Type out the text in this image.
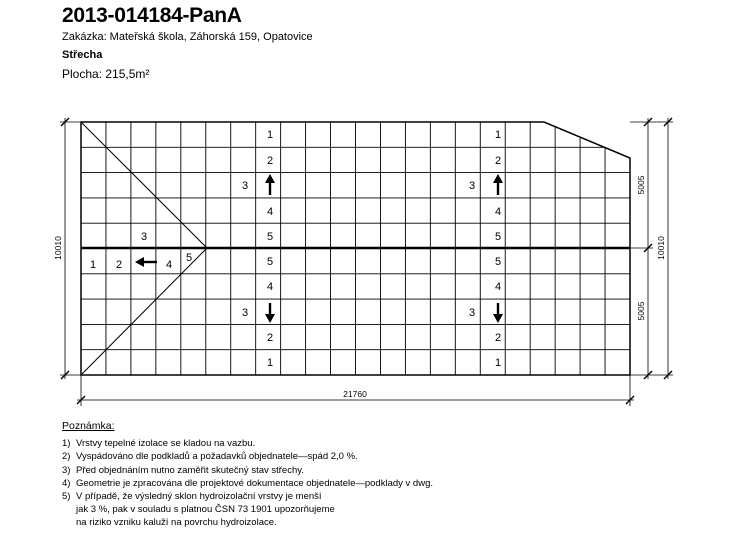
2013-014184-PanA
Zakázka: Mateřská škola, Záhorská 159, Opatovice
Střecha
Plocha: 215,5m²
10010
21760
5005
5005
10010
1
2
3
4
5
5
4
3
2
1
1
2
3
4
5
5
4
3
2
1
3
1 2	4
5
Poznámka:
1) Vrstvy tepelné izolace se kladou na vazbu.
2) Vyspádováno dle podkladů a požadavků objednatele—spád 2,0 %.
3) Před objednáním nutno zaměřit skutečný stav střechy.
4) Geometrie je zpracována dle projektové dokumentace objednatele—podklady v dwg.
5) V případě, že výsledný sklon hydroizolační vrstvy je menší
jak 3 %, pak v souladu s platnou ČSN 73 1901 upozorňujeme
na riziko vzniku kaluží na povrchu hydroizolace.
